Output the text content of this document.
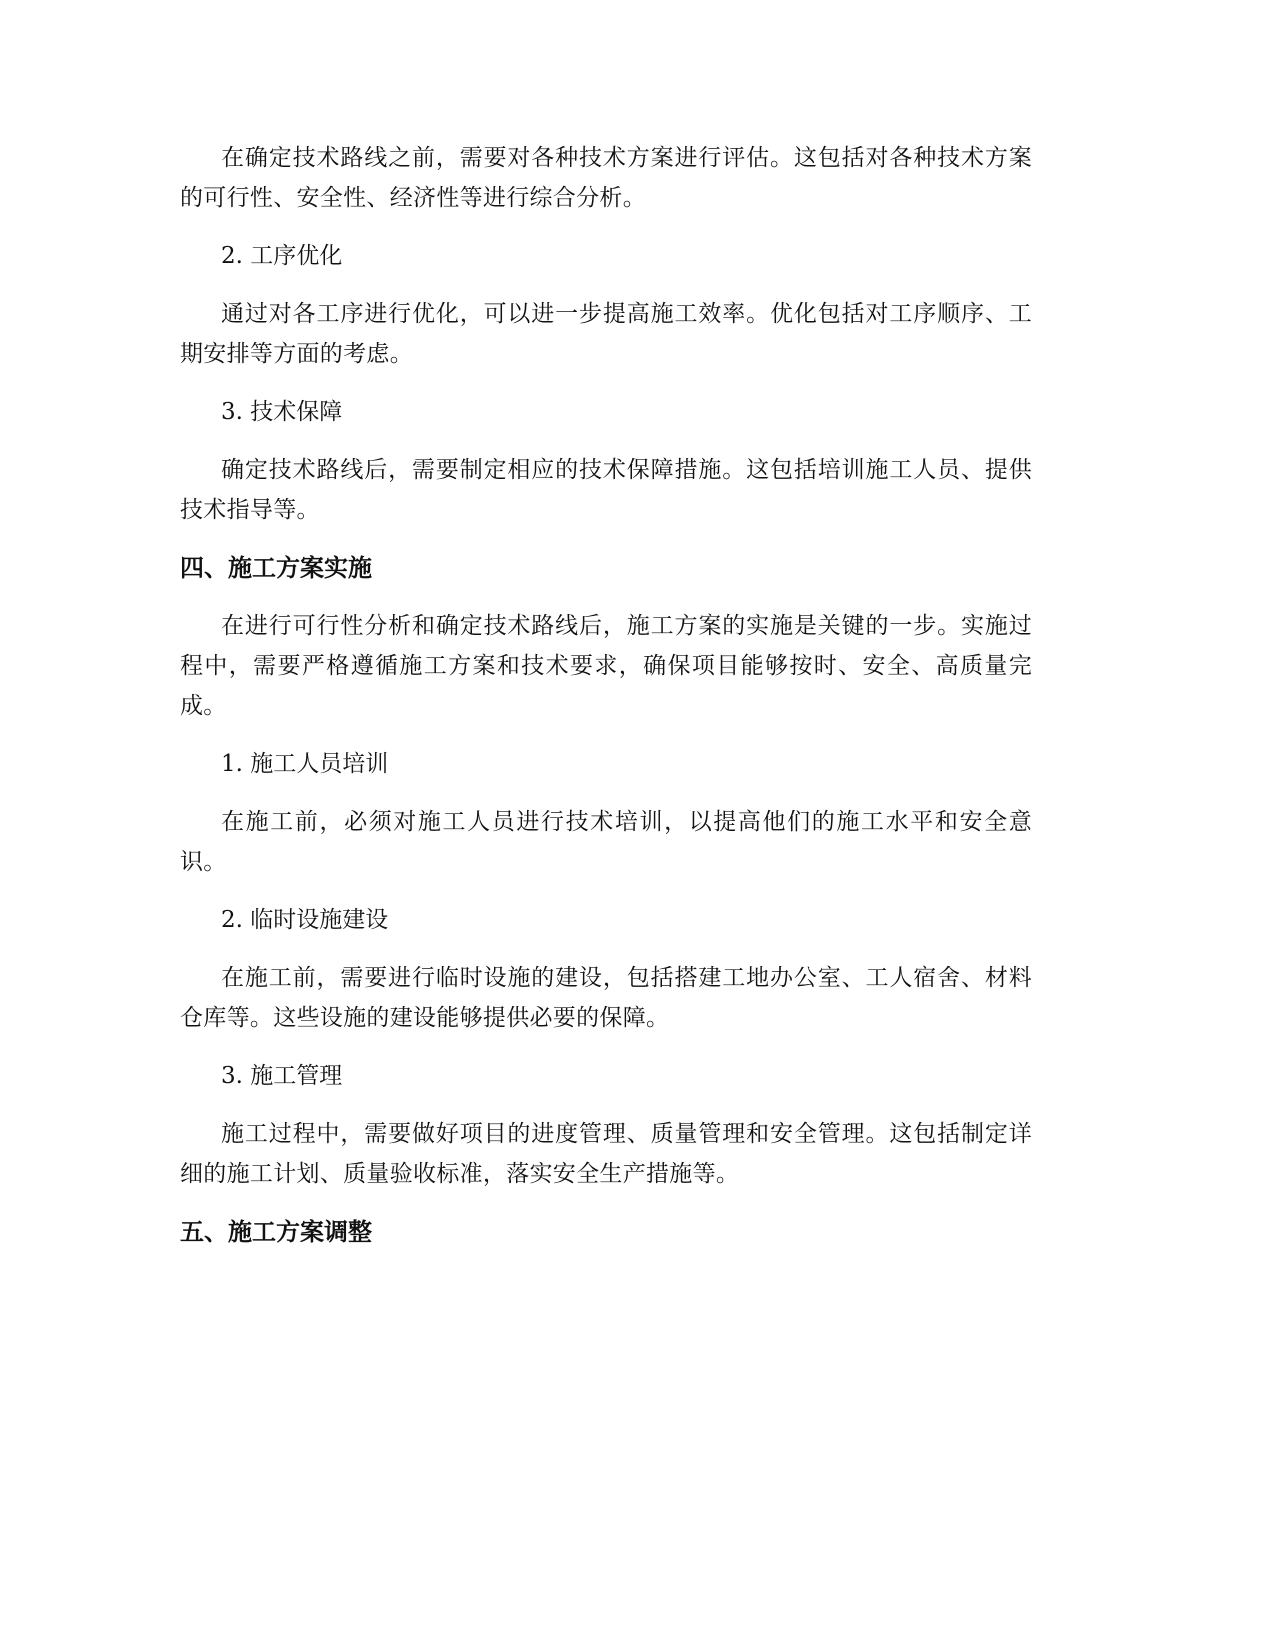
在确定技术路线之前，需要对各种技术方案进行评估。这包括对各种技术方案的可行性、安全性、经济性等进行综合分析。

2. 工序优化

通过对各工序进行优化，可以进一步提高施工效率。优化包括对工序顺序、工期安排等方面的考虑。

3. 技术保障

确定技术路线后，需要制定相应的技术保障措施。这包括培训施工人员、提供技术指导等。

四、施工方案实施

在进行可行性分析和确定技术路线后，施工方案的实施是关键的一步。实施过程中，需要严格遵循施工方案和技术要求，确保项目能够按时、安全、高质量完成。

1. 施工人员培训

在施工前，必须对施工人员进行技术培训，以提高他们的施工水平和安全意识。

2. 临时设施建设

在施工前，需要进行临时设施的建设，包括搭建工地办公室、工人宿舍、材料仓库等。这些设施的建设能够提供必要的保障。

3. 施工管理

施工过程中，需要做好项目的进度管理、质量管理和安全管理。这包括制定详细的施工计划、质量验收标准，落实安全生产措施等。

五、施工方案调整
